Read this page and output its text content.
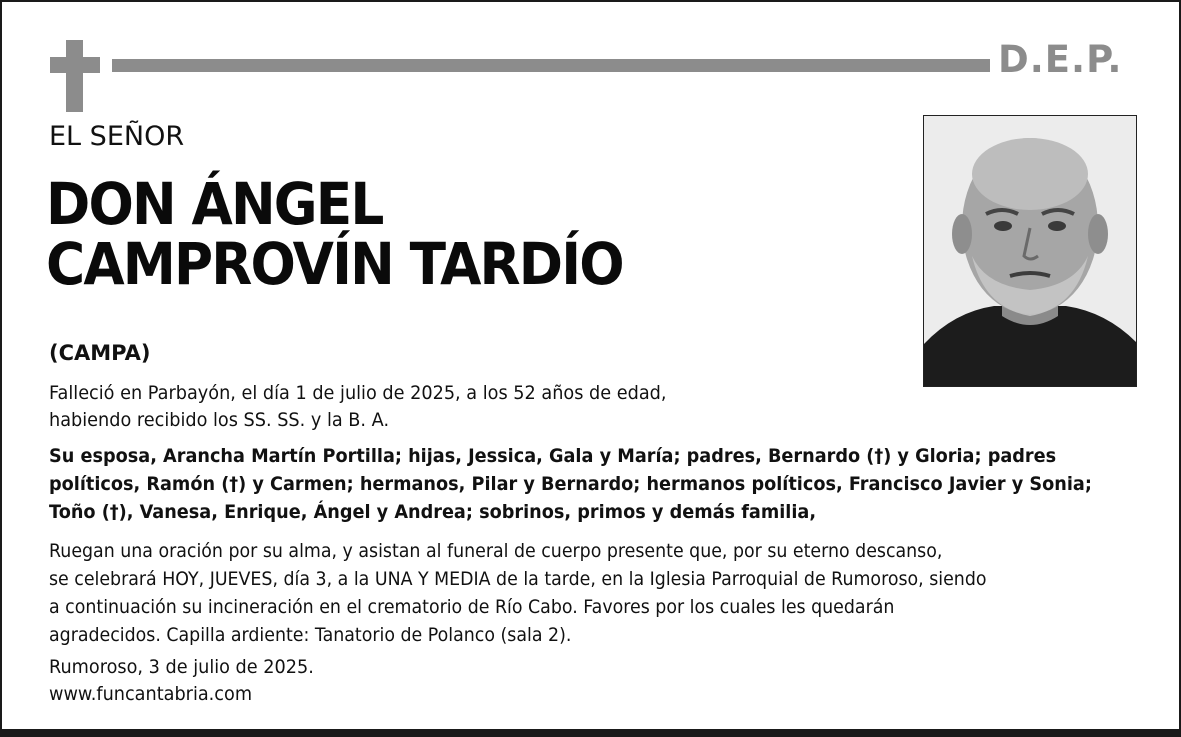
D.E.P.
EL SEÑOR
DON ÁNGEL
CAMPROVÍN TARDÍO
(CAMPA)
Falleció en Parbayón, el día 1 de julio de 2025, a los 52 años de edad,
habiendo recibido los SS. SS. y la B. A.
Su esposa, Arancha Martín Portilla; hijas, Jessica, Gala y María; padres, Bernardo (†) y Gloria; padres
políticos, Ramón (†) y Carmen; hermanos, Pilar y Bernardo; hermanos políticos, Francisco Javier y Sonia;
Toño (†), Vanesa, Enrique, Ángel y Andrea; sobrinos, primos y demás familia,
Ruegan una oración por su alma, y asistan al funeral de cuerpo presente que, por su eterno descanso,
se celebrará HOY, JUEVES, día 3, a la UNA Y MEDIA de la tarde, en la Iglesia Parroquial de Rumoroso, siendo
a continuación su incineración en el crematorio de Río Cabo. Favores por los cuales les quedarán
agradecidos. Capilla ardiente: Tanatorio de Polanco (sala 2).
Rumoroso, 3 de julio de 2025.
www.funcantabria.com
